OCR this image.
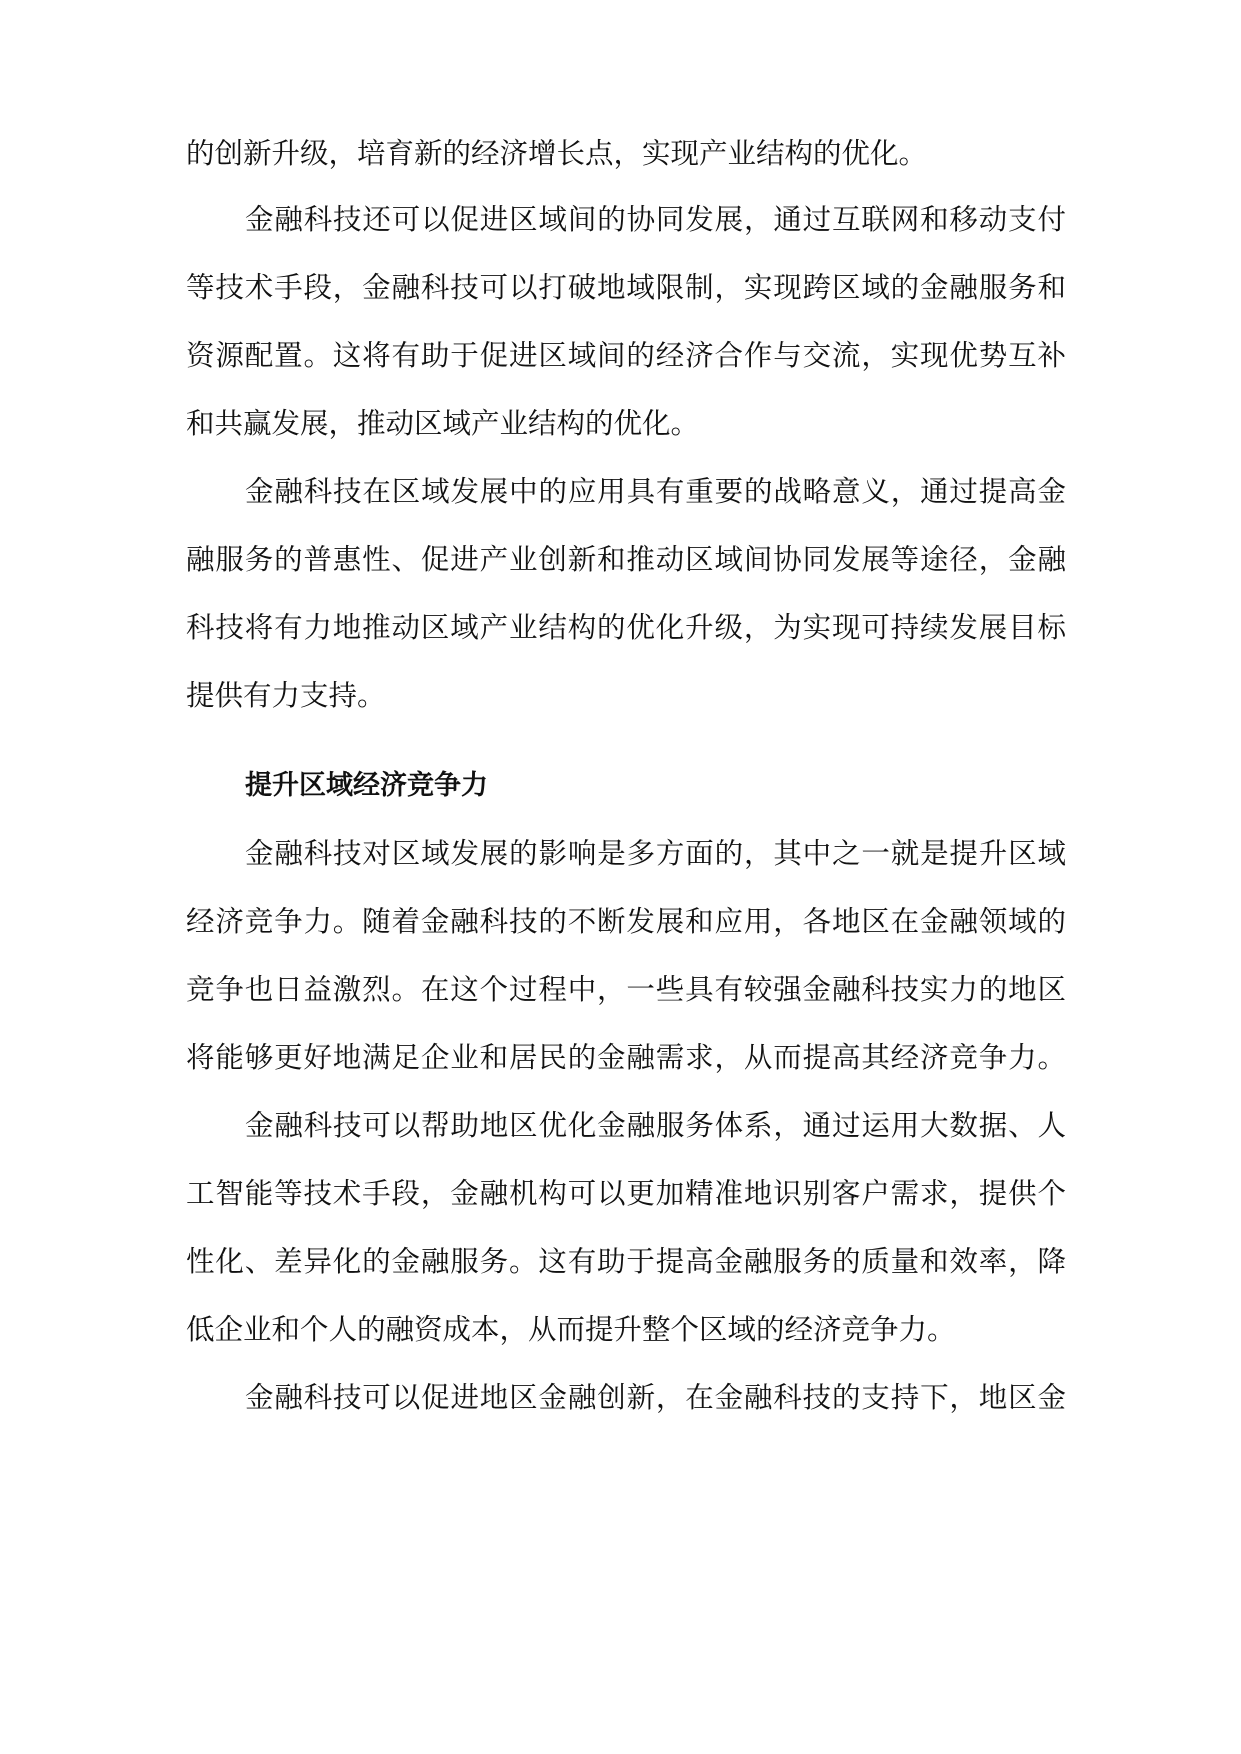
的创新升级，培育新的经济增长点，实现产业结构的优化。

金融科技还可以促进区域间的协同发展，通过互联网和移动支付

等技术手段，金融科技可以打破地域限制，实现跨区域的金融服务和

资源配置。这将有助于促进区域间的经济合作与交流，实现优势互补

和共赢发展，推动区域产业结构的优化。

金融科技在区域发展中的应用具有重要的战略意义，通过提高金

融服务的普惠性、促进产业创新和推动区域间协同发展等途径，金融

科技将有力地推动区域产业结构的优化升级，为实现可持续发展目标

提供有力支持。

提升区域经济竞争力

金融科技对区域发展的影响是多方面的，其中之一就是提升区域

经济竞争力。随着金融科技的不断发展和应用，各地区在金融领域的

竞争也日益激烈。在这个过程中，一些具有较强金融科技实力的地区

将能够更好地满足企业和居民的金融需求，从而提高其经济竞争力。

金融科技可以帮助地区优化金融服务体系，通过运用大数据、人

工智能等技术手段，金融机构可以更加精准地识别客户需求，提供个

性化、差异化的金融服务。这有助于提高金融服务的质量和效率，降

低企业和个人的融资成本，从而提升整个区域的经济竞争力。

金融科技可以促进地区金融创新，在金融科技的支持下，地区金
